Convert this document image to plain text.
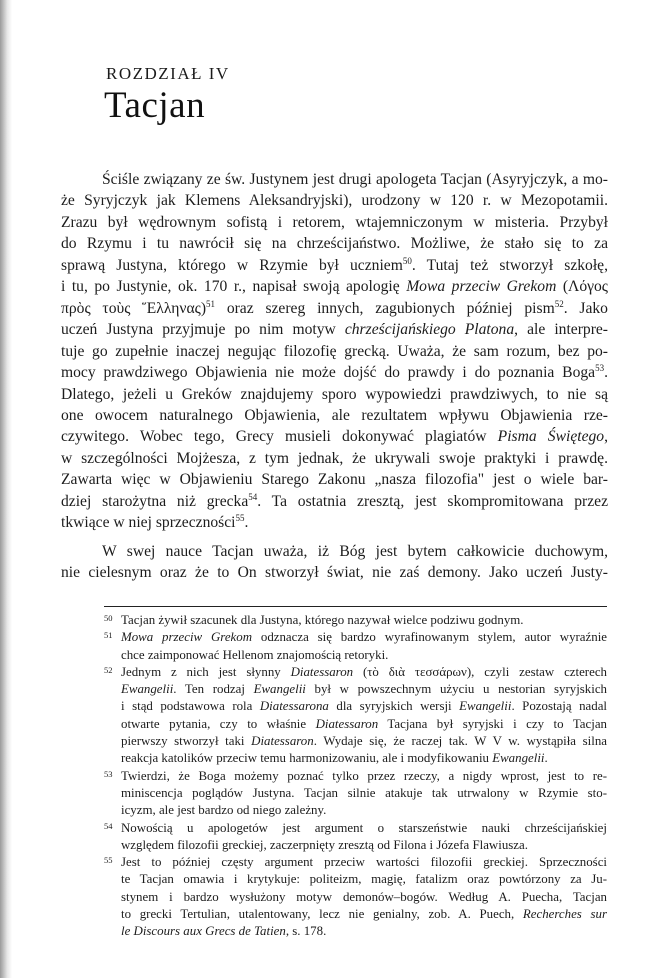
ROZDZIAŁ IV
Tacjan
Ściśle związany ze św. Justynem jest drugi apologeta Tacjan (Asyryjczyk, a mo-
że Syryjczyk jak Klemens Aleksandryjski), urodzony w 120 r. w Mezopotamii.
Zrazu był wędrownym sofistą i retorem, wtajemniczonym w misteria. Przybył
do Rzymu i tu nawrócił się na chrześcijaństwo. Możliwe, że stało się to za
sprawą Justyna, którego w Rzymie był uczniem$^{50}$. Tutaj też stworzył szkołę,
i tu, po Justynie, ok. 170 r., napisał swoją apologię Mowa przeciw Grekom (Λόγος
πρὸς τοὺς Ἕλληνας)$^{51}$ oraz szereg innych, zagubionych później pism$^{52}$. Jako
uczeń Justyna przyjmuje po nim motyw chrześcijańskiego Platona, ale interpre-
tuje go zupełnie inaczej negując filozofię grecką. Uważa, że sam rozum, bez po-
mocy prawdziwego Objawienia nie może dojść do prawdy i do poznania Boga$^{53}$.
Dlatego, jeżeli u Greków znajdujemy sporo wypowiedzi prawdziwych, to nie są
one owocem naturalnego Objawienia, ale rezultatem wpływu Objawienia rze-
czywitego. Wobec tego, Grecy musieli dokonywać plagiatów Pisma Świętego,
w szczególności Mojżesza, z tym jednak, że ukrywali swoje praktyki i prawdę.
Zawarta więc w Objawieniu Starego Zakonu „nasza filozofia" jest o wiele bar-
dziej starożytna niż grecka$^{54}$. Ta ostatnia zresztą, jest skompromitowana przez
tkwiące w niej sprzeczności$^{55}$.
W swej nauce Tacjan uważa, iż Bóg jest bytem całkowicie duchowym,
nie cielesnym oraz że to On stworzył świat, nie zaś demony. Jako uczeń Justy-
50 Tacjan żywił szacunek dla Justyna, którego nazywał wielce podziwu godnym.
51 Mowa przeciw Grekom odznacza się bardzo wyrafinowanym stylem, autor wyraźnie
chce zaimponować Hellenom znajomością retoryki.
52 Jednym z nich jest słynny Diatessaron (τὸ διὰ τεσσάρων), czyli zestaw czterech
Ewangelii. Ten rodzaj Ewangelii był w powszechnym użyciu u nestorian syryjskich
i stąd podstawowa rola Diatessarona dla syryjskich wersji Ewangelii. Pozostają nadal
otwarte pytania, czy to właśnie Diatessaron Tacjana był syryjski i czy to Tacjan
pierwszy stworzył taki Diatessaron. Wydaje się, że raczej tak. W V w. wystąpiła silna
reakcja katolików przeciw temu harmonizowaniu, ale i modyfikowaniu Ewangelii.
53 Twierdzi, że Boga możemy poznać tylko przez rzeczy, a nigdy wprost, jest to re-
miniscencja poglądów Justyna. Tacjan silnie atakuje tak utrwalony w Rzymie sto-
icyzm, ale jest bardzo od niego zależny.
54 Nowością u apologetów jest argument o starszeństwie nauki chrześcijańskiej
względem filozofii greckiej, zaczerpnięty zresztą od Filona i Józefa Flawiusza.
55 Jest to później częsty argument przeciw wartości filozofii greckiej. Sprzeczności
te Tacjan omawia i krytykuje: politeizm, magię, fatalizm oraz powtórzony za Ju-
stynem i bardzo wysłużony motyw demonów–bogów. Według A. Puecha, Tacjan
to grecki Tertulian, utalentowany, lecz nie genialny, zob. A. Puech, Recherches sur
le Discours aux Grecs de Tatien, s. 178.
